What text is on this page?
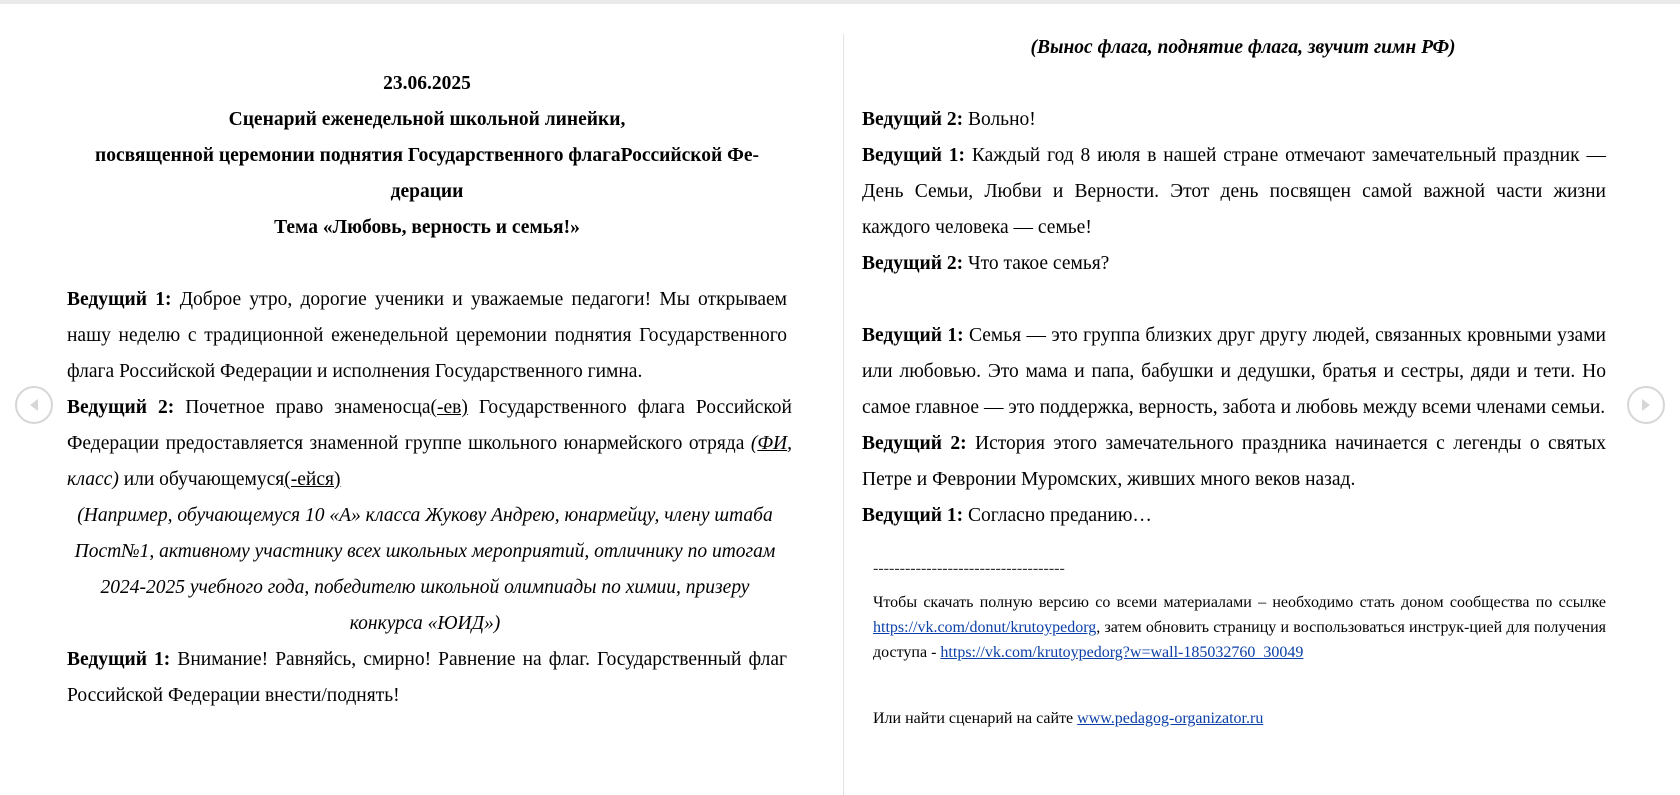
23.06.2025

Сценарий еженедельной школьной линейки,

посвященной церемонии поднятия Государственного флагаРоссийской Фе-

дерации

Тема «Любовь, верность и семья!»

Ведущий 1: Доброе утро, дорогие ученики и уважаемые педагоги! Мы открываем нашу неделю с традиционной еженедельной церемонии поднятия Государственного флага Российской Федерации и исполнения Государственного гимна.

Ведущий 2: Почетное право знаменосца(-ев) Государственного флага Российской Федерации предоставляется знаменной группе школьного юнармейского отряда (ФИ, класс) или обучающемуся(-ейся)

(Например, обучающемуся 10 «А» класса Жукову Андрею, юнармейцу, члену штаба Пост№1, активному участнику всех школьных мероприятий, отличнику по итогам 2024-2025 учебного года, победителю школьной олимпиады по химии, призеру конкурса «ЮИД»)

Ведущий 1: Внимание! Равняйсь, смирно! Равнение на флаг. Государственный флаг Российской Федерации внести/поднять!

(Вынос флага, поднятие флага, звучит гимн РФ)

Ведущий 2: Вольно!

Ведущий 1: Каждый год 8 июля в нашей стране отмечают замечательный праздник — День Семьи, Любви и Верности. Этот день посвящен самой важной части жизни каждого человека — семье!

Ведущий 2: Что такое семья?

Ведущий 1: Семья — это группа близких друг другу людей, связанных кровными узами или любовью. Это мама и папа, бабушки и дедушки, братья и сестры, дяди и тети. Но самое главное — это поддержка, верность, забота и любовь между всеми членами семьи.

Ведущий 2: История этого замечательного праздника начинается с легенды о святых Петре и Февронии Муромских, живших много веков назад.

Ведущий 1: Согласно преданию…

------------------------------------

Чтобы скачать полную версию со всеми материалами – необходимо стать доном сообщества по ссылке https://vk.com/donut/krutoypedorg, затем обновить страницу и воспользоваться инструк-цией для получения доступа - https://vk.com/krutoypedorg?w=wall-185032760_30049

Или найти сценарий на сайте www.pedagog-organizator.ru
